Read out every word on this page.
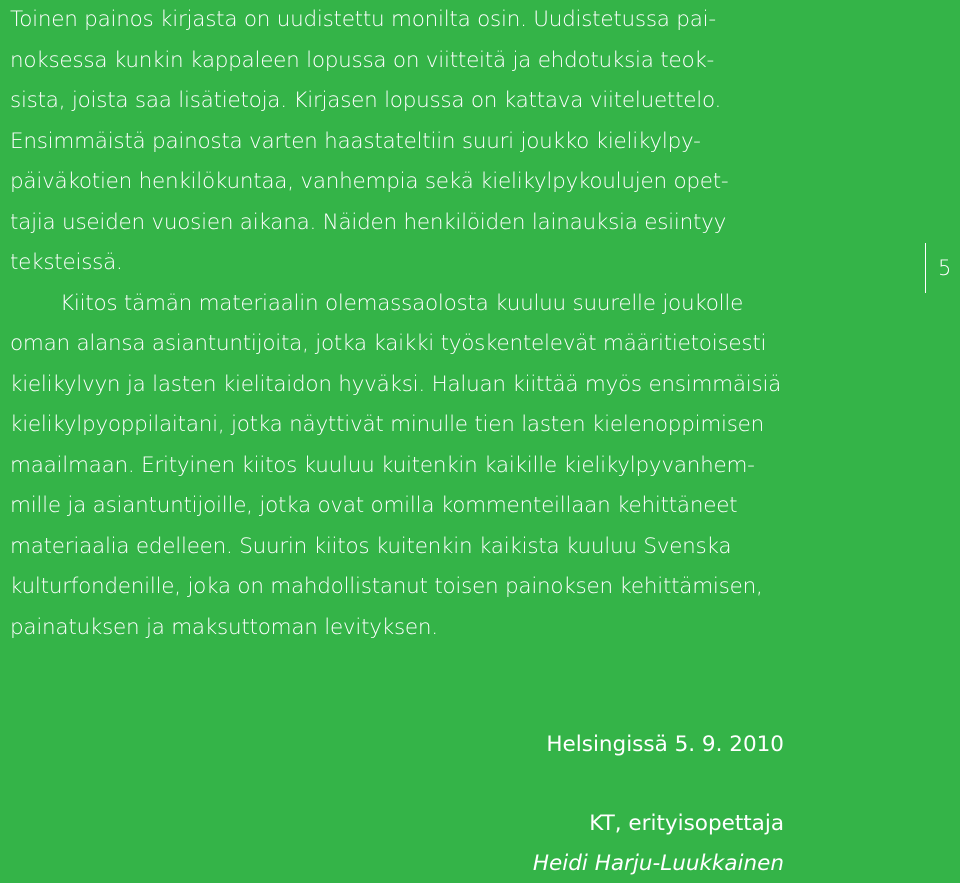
Toinen painos kirjasta on uudistettu monilta osin. Uudistetussa pai-
noksessa kunkin kappaleen lopussa on viitteitä ja ehdotuksia teok-
sista, joista saa lisätietoja. Kirjasen lopussa on kattava viiteluettelo.
Ensimmäistä painosta varten haastateltiin suuri joukko kielikylpy-
päiväkotien henkilökuntaa, vanhempia sekä kielikylpykoulujen opet-
tajia useiden vuosien aikana. Näiden henkilöiden lainauksia esiintyy
teksteissä.
Kiitos tämän materiaalin olemassaolosta kuuluu suurelle joukolle
oman alansa asiantuntijoita, jotka kaikki työskentelevät määritietoisesti
kielikylvyn ja lasten kielitaidon hyväksi. Haluan kiittää myös ensimmäisiä
kielikylpyoppilaitani, jotka näyttivät minulle tien lasten kielenoppimisen
maailmaan. Erityinen kiitos kuuluu kuitenkin kaikille kielikylpyvanhem-
mille ja asiantuntijoille, jotka ovat omilla kommenteillaan kehittäneet
materiaalia edelleen. Suurin kiitos kuitenkin kaikista kuuluu Svenska
kulturfondenille, joka on mahdollistanut toisen painoksen kehittämisen,
painatuksen ja maksuttoman levityksen.
5
Helsingissä 5. 9. 2010
KT, erityisopettaja
Heidi Harju-Luukkainen
